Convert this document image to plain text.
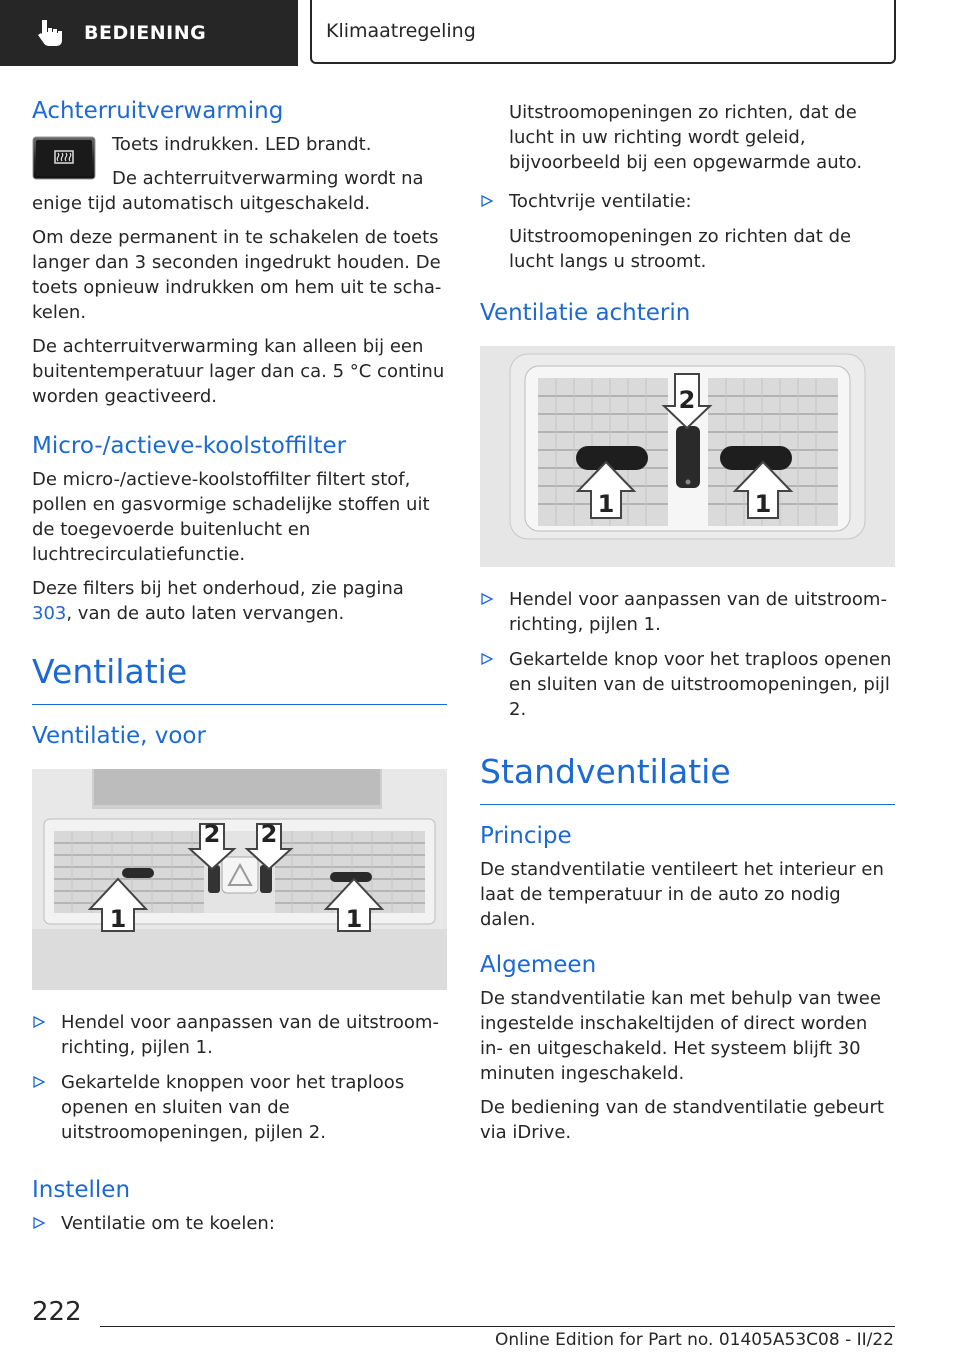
BEDIENING	Klimaatregeling
Achterruitverwarming

Toets indrukken. LED brandt.

De achterruitverwarming wordt na enige tijd automatisch uitgeschakeld.

Om deze permanent in te schakelen de toets langer dan 3 seconden ingedrukt houden. De toets opnieuw indrukken om hem uit te schakelen.

De achterruitverwarming kan alleen bij een buitentemperatuur lager dan ca. 5 °C continu worden geactiveerd.

Micro-/actieve-koolstoffilter

De micro-/actieve-koolstoffilter filtert stof, pollen en gasvormige schadelijke stoffen uit de toegevoerde buitenlucht en luchtrecirculatiefunctie.

Deze filters bij het onderhoud, zie pagina 303, van de auto laten vervangen.

Ventilatie
Ventilatie, voor
2 2
1	1
Hendel voor aanpassen van de uitstroomrichting, pijlen 1.
Gekartelde knoppen voor het traploos openen en sluiten van de uitstroomopeningen, pijlen 2.
Instellen
Ventilatie om te koelen:

Uitstroomopeningen zo richten, dat de lucht in uw richting wordt geleid, bijvoorbeeld bij een opgewarmde auto.

Tochtvrije ventilatie:

Uitstroomopeningen zo richten dat de lucht langs u stroomt.

Ventilatie achterin
2
1	1
Hendel voor aanpassen van de uitstroomrichting, pijlen 1.
Gekartelde knop voor het traploos openen en sluiten van de uitstroomopeningen, pijl 2.
Standventilatie
Principe

De standventilatie ventileert het interieur en laat de temperatuur in de auto zo nodig dalen.

Algemeen

De standventilatie kan met behulp van twee ingestelde inschakeltijden of direct worden in- en uitgeschakeld. Het systeem blijft 30 minuten ingeschakeld.

De bediening van de standventilatie gebeurt via iDrive.

222
Online Edition for Part no. 01405A53C08 - II/22
